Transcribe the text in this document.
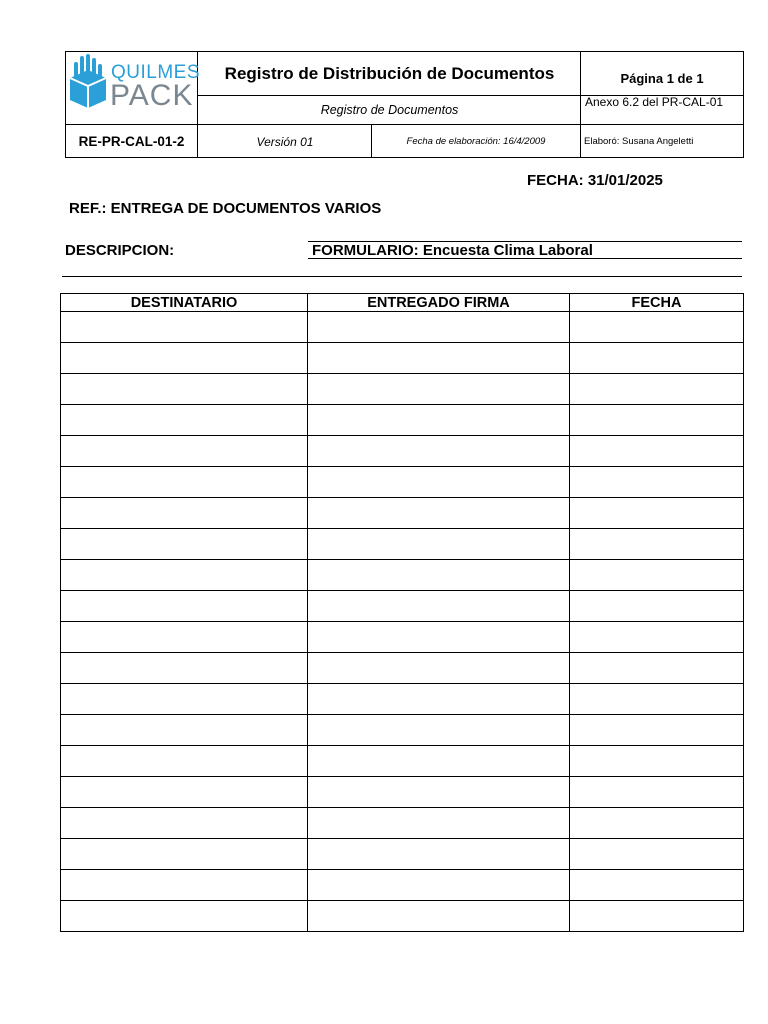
QUILMES
PACK
Registro de Distribución de Documentos
Registro de Documentos
Página 1 de 1
Anexo 6.2 del PR-CAL-01
RE-PR-CAL-01-2	Versión 01	Fecha de elaboración: 16/4/2009	Elaboró: Susana Angeletti
FECHA: 31/01/2025
REF.: ENTREGA DE DOCUMENTOS VARIOS
DESCRIPCION:	FORMULARIO: Encuesta Clima Laboral
DESTINATARIO	ENTREGADO FIRMA	FECHA
